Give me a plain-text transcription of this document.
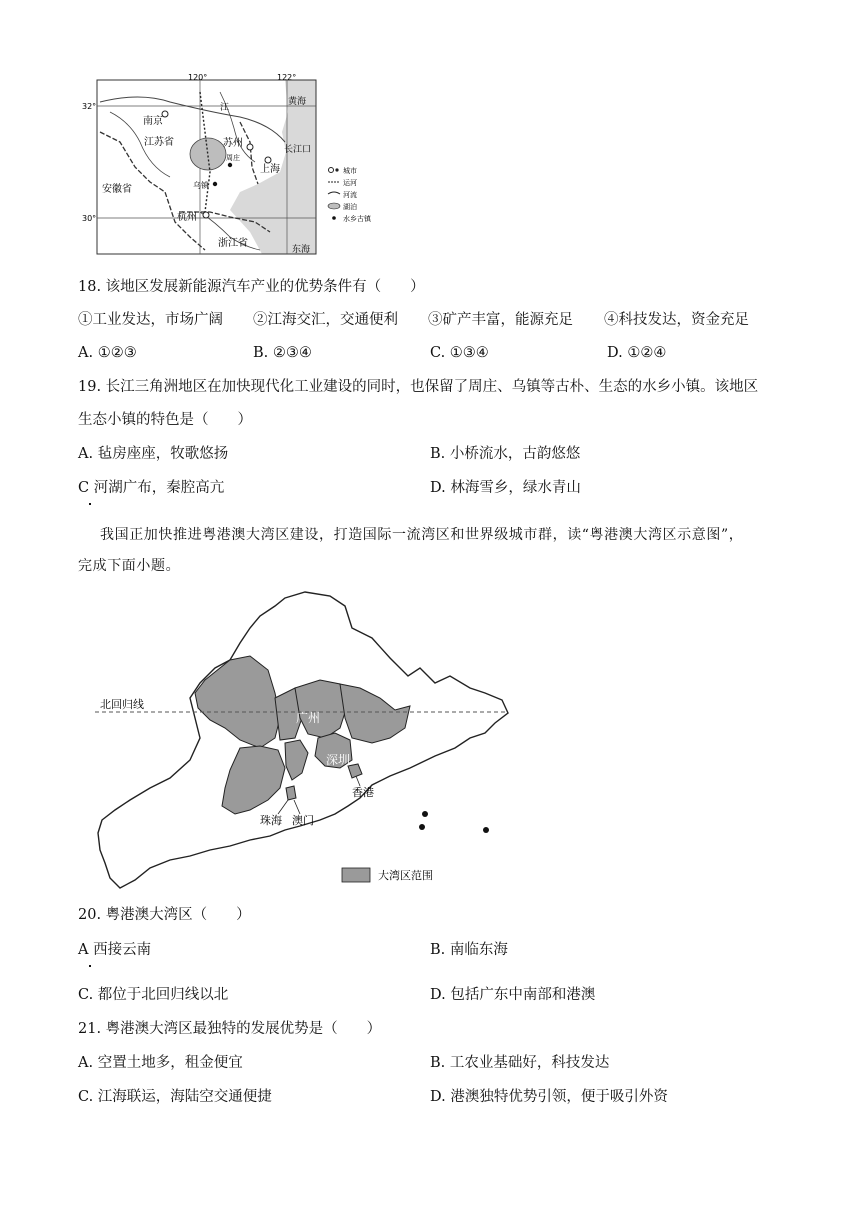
120°	122°
32°
30°
南京
江苏省
安徽省
苏州
周庄
上海
长江口
黄海
乌镇
杭州
浙江省
东海
江
城市
运河
河流
湖泊
水乡古镇
18. 该地区发展新能源汽车产业的优势条件有（　　）
①工业发达，市场广阔 ②江海交汇，交通便利 ③矿产丰富，能源充足 ④科技发达，资金充足
A. ①②③	B. ②③④	C. ①③④	D. ①②④
19. 长江三角洲地区在加快现代化工业建设的同时，也保留了周庄、乌镇等古朴、生态的水乡小镇。该地区
生态小镇的特色是（　　）
A. 毡房座座，牧歌悠扬	B. 小桥流水，古韵悠悠
C 河湖广布，秦腔高亢	D. 林海雪乡，绿水青山
我国正加快推进粤港澳大湾区建设，打造国际一流湾区和世界级城市群，读“粤港澳大湾区示意图”，
完成下面小题。
北回归线
广州
深圳
香港
珠海 澳门
大湾区范围
20. 粤港澳大湾区（　　）
A 西接云南	B. 南临东海
C. 都位于北回归线以北	D. 包括广东中南部和港澳
21. 粤港澳大湾区最独特的发展优势是（　　）
A. 空置土地多，租金便宜	B. 工农业基础好，科技发达
C. 江海联运，海陆空交通便捷	D. 港澳独特优势引领，便于吸引外资
